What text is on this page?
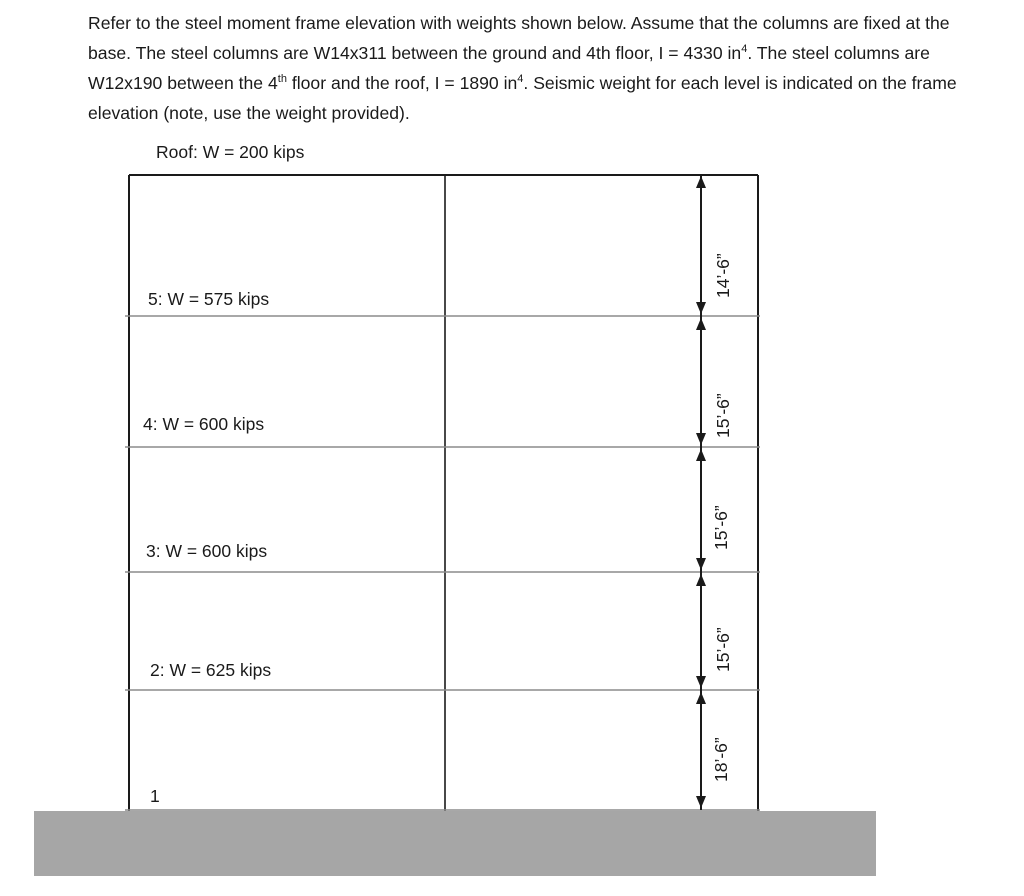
Refer to the steel moment frame elevation with weights shown below. Assume that the columns are fixed at the base. The steel columns are W14x311 between the ground and 4th floor, I = 4330 $in^4$. The steel columns are W12x190 between the 4th floor and the roof, I = 1890 $in^4$. Seismic weight for each level is indicated on the frame elevation (note, use the weight provided).

Roof: W = 200 kips
5: W = 575 kips
4: W = 600 kips
3: W = 600 kips
2: W = 625 kips
1
14’-6”
15’-6”
15’-6”
15’-6”
18’-6”
